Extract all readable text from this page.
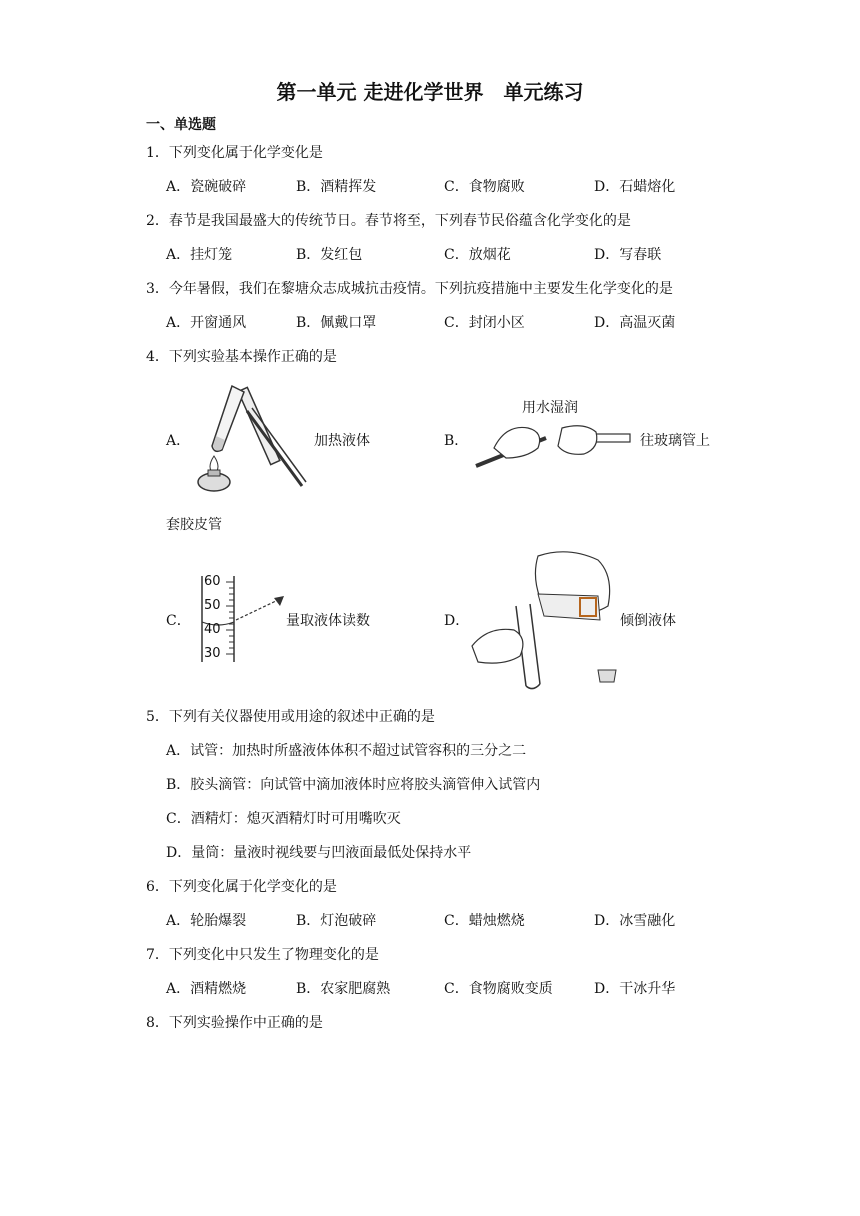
第一单元 走进化学世界　单元练习
一、单选题
1．下列变化属于化学变化是
A．瓷碗破碎	B．酒精挥发	C．食物腐败	D．石蜡熔化
2．春节是我国最盛大的传统节日。春节将至，下列春节民俗蕴含化学变化的是
A．挂灯笼	B．发红包	C．放烟花	D．写春联
3．今年暑假，我们在黎塘众志成城抗击疫情。下列抗疫措施中主要发生化学变化的是
A．开窗通风	B．佩戴口罩	C．封闭小区	D．高温灭菌
4．下列实验基本操作正确的是
A．	加热液体	B．
用水湿润
往玻璃管上
套胶皮管
C．
60
50
40
30
量取液体读数	D．	倾倒液体
5．下列有关仪器使用或用途的叙述中正确的是
A．试管：加热时所盛液体体积不超过试管容积的三分之二
B．胶头滴管：向试管中滴加液体时应将胶头滴管伸入试管内
C．酒精灯：熄灭酒精灯时可用嘴吹灭
D．量筒：量液时视线要与凹液面最低处保持水平
6．下列变化属于化学变化的是
A．轮胎爆裂	B．灯泡破碎	C．蜡烛燃烧	D．冰雪融化
7．下列变化中只发生了物理变化的是
A．酒精燃烧	B．农家肥腐熟	C．食物腐败变质	D．干冰升华
8．下列实验操作中正确的是
